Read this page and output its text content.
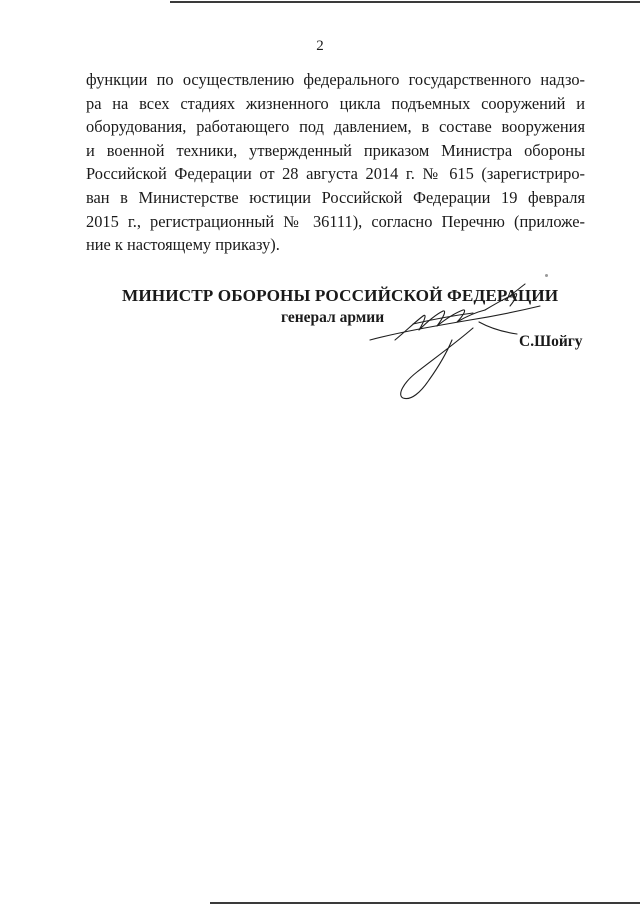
2
функции по осуществлению федерального государственного надзо-
ра на всех стадиях жизненного цикла подъемных сооружений и
оборудования, работающего под давлением, в составе вооружения
и военной техники, утвержденный приказом Министра обороны
Российской Федерации от 28 августа 2014 г. № 615 (зарегистриро-
ван в Министерстве юстиции Российской Федерации 19 февраля
2015 г., регистрационный № 36111), согласно Перечню (приложе-
ние к настоящему приказу).
МИНИСТР ОБОРОНЫ РОССИЙСКОЙ ФЕДЕРАЦИИ
генерал армии
С.Шойгу
